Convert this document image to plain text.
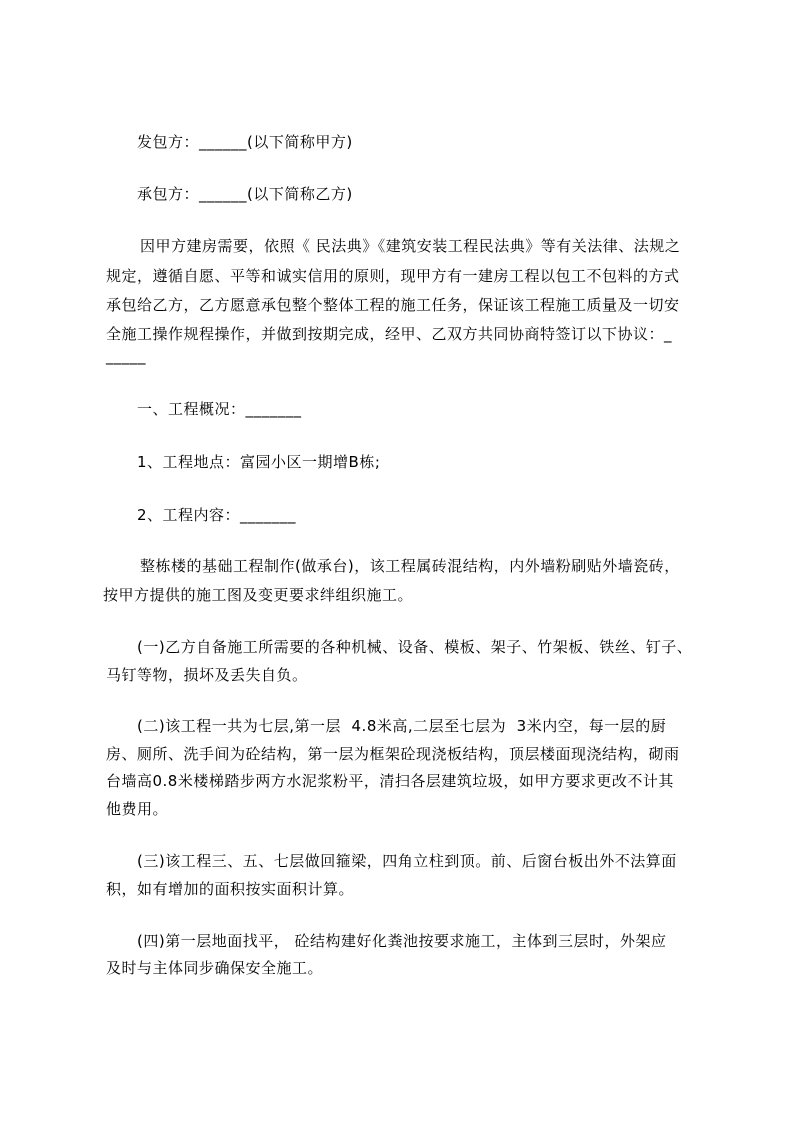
发包方：______(以下简称甲方)

承包方：______(以下简称乙方)

因甲方建房需要，依照《 民法典》《建筑安装工程民法典》等有关法律、法规之

规定，遵循自愿、平等和诚实信用的原则，现甲方有一建房工程以包工不包料的方式

承包给乙方，乙方愿意承包整个整体工程的施工任务，保证该工程施工质量及一切安

全施工操作规程操作，并做到按期完成，经甲、乙双方共同协商特签订以下协议：_

_____

一、工程概况：_______

1、工程地点：富园小区一期增B栋;

2、工程内容：_______

整栋楼的基础工程制作(做承台)，该工程属砖混结构，内外墙粉刷贴外墙瓷砖，

按甲方提供的施工图及变更要求绊组织施工。

(一)乙方自备施工所需要的各种机械、设备、模板、架子、竹架板、铁丝、钉子、

马钉等物，损坏及丢失自负。

(二)该工程一共为七层,第一层  4.8米高,二层至七层为  3米内空，每一层的厨

房、厕所、洗手间为砼结构，第一层为框架砼现浇板结构，顶层楼面现浇结构，砌雨

台墙高0.8米楼梯踏步两方水泥浆粉平，清扫各层建筑垃圾，如甲方要求更改不计其

他费用。

(三)该工程三、五、七层做回箍梁，四角立柱到顶。前、后窗台板出外不法算面

积，如有增加的面积按实面积计算。

(四)第一层地面找平， 砼结构建好化粪池按要求施工，主体到三层时，外架应

及时与主体同步确保安全施工。
